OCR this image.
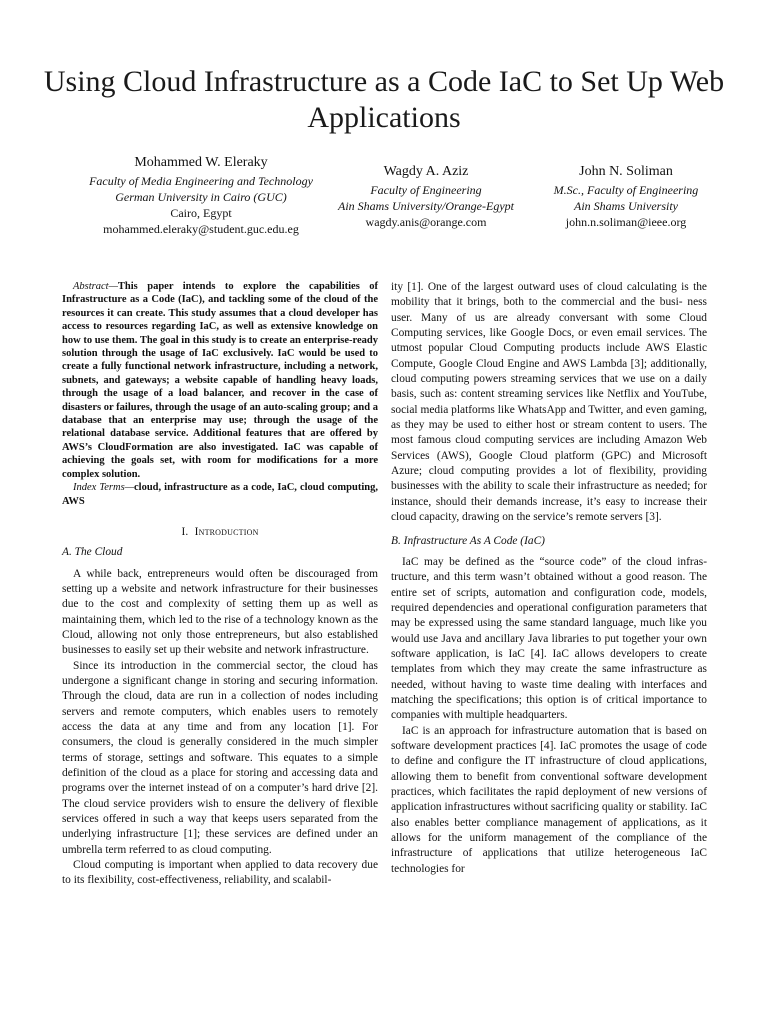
Using Cloud Infrastructure as a Code IaC to Set Up Web Applications
Mohammed W. Eleraky
Faculty of Media Engineering and Technology
German University in Cairo (GUC)
Cairo, Egypt
mohammed.eleraky@student.guc.edu.eg
Wagdy A. Aziz
Faculty of Engineering
Ain Shams University/Orange-Egypt
wagdy.anis@orange.com
John N. Soliman
M.Sc., Faculty of Engineering
Ain Shams University
john.n.soliman@ieee.org

Abstract—This paper intends to explore the capabilities of Infrastructure as a Code (IaC), and tackling some of the cloud of the resources it can create. This study assumes that a cloud developer has access to resources regarding IaC, as well as extensive knowledge on how to use them. The goal in this study is to create an enterprise-ready solution through the usage of IaC exclusively. IaC would be used to create a fully functional network infrastructure, including a network, subnets, and gateways; a website capable of handling heavy loads, through the usage of a load balancer, and recover in the case of disasters or failures, through the usage of an auto-scaling group; and a database that an enterprise may use; through the usage of the relational database service. Additional features that are offered by AWS’s CloudFormation are also investigated. IaC was capable of achieving the goals set, with room for modifications for a more complex solution.

Index Terms—cloud, infrastructure as a code, IaC, cloud computing, AWS

I. Introduction
A. The Cloud

A while back, entrepreneurs would often be discouraged from setting up a website and network infrastructure for their businesses due to the cost and complexity of setting them up as well as maintaining them, which led to the rise of a technology known as the Cloud, allowing not only those entrepreneurs, but also established businesses to easily set up their website and network infrastructure.

Since its introduction in the commercial sector, the cloud has undergone a significant change in storing and securing information. Through the cloud, data are run in a collection of nodes including servers and remote computers, which enables users to remotely access the data at any time and from any location [1]. For consumers, the cloud is generally considered in the much simpler terms of storage, settings and software. This equates to a simple definition of the cloud as a place for storing and accessing data and programs over the internet instead of on a computer’s hard drive [2]. The cloud service providers wish to ensure the delivery of flexible services offered in such a way that keeps users separated from the underlying infrastructure [1]; these services are defined under an umbrella term referred to as cloud computing.

Cloud computing is important when applied to data recovery due to its flexibility, cost-effectiveness, reliability, and scalabil-

ity [1]. One of the largest outward uses of cloud calculating is the mobility that it brings, both to the commercial and the busi- ness user. Many of us are already conversant with some Cloud Computing services, like Google Docs, or even email services. The utmost popular Cloud Computing products include AWS Elastic Compute, Google Cloud Engine and AWS Lambda [3]; additionally, cloud computing powers streaming services that we use on a daily basis, such as: content streaming services like Netflix and YouTube, social media platforms like WhatsApp and Twitter, and even gaming, as they may be used to either host or stream content to users. The most famous cloud computing services are including Amazon Web Services (AWS), Google Cloud platform (GPC) and Microsoft Azure; cloud computing provides a lot of flexibility, providing businesses with the ability to scale their infrastructure as needed; for instance, should their demands increase, it’s easy to increase their cloud capacity, drawing on the service’s remote servers [3].

B. Infrastructure As A Code (IaC)

IaC may be defined as the “source code” of the cloud infras- tructure, and this term wasn’t obtained without a good reason. The entire set of scripts, automation and configuration code, models, required dependencies and operational configuration parameters that may be expressed using the same standard language, much like you would use Java and ancillary Java libraries to put together your own software application, is IaC [4]. IaC allows developers to create templates from which they may create the same infrastructure as needed, without having to waste time dealing with interfaces and matching the specifications; this option is of critical importance to companies with multiple headquarters.

IaC is an approach for infrastructure automation that is based on software development practices [4]. IaC promotes the usage of code to define and configure the IT infrastructure of cloud applications, allowing them to benefit from conventional software development practices, which facilitates the rapid deployment of new versions of application infrastructures without sacrificing quality or stability. IaC also enables better compliance management of applications, as it allows for the uniform management of the compliance of the infrastructure of applications that utilize heterogeneous IaC technologies for
